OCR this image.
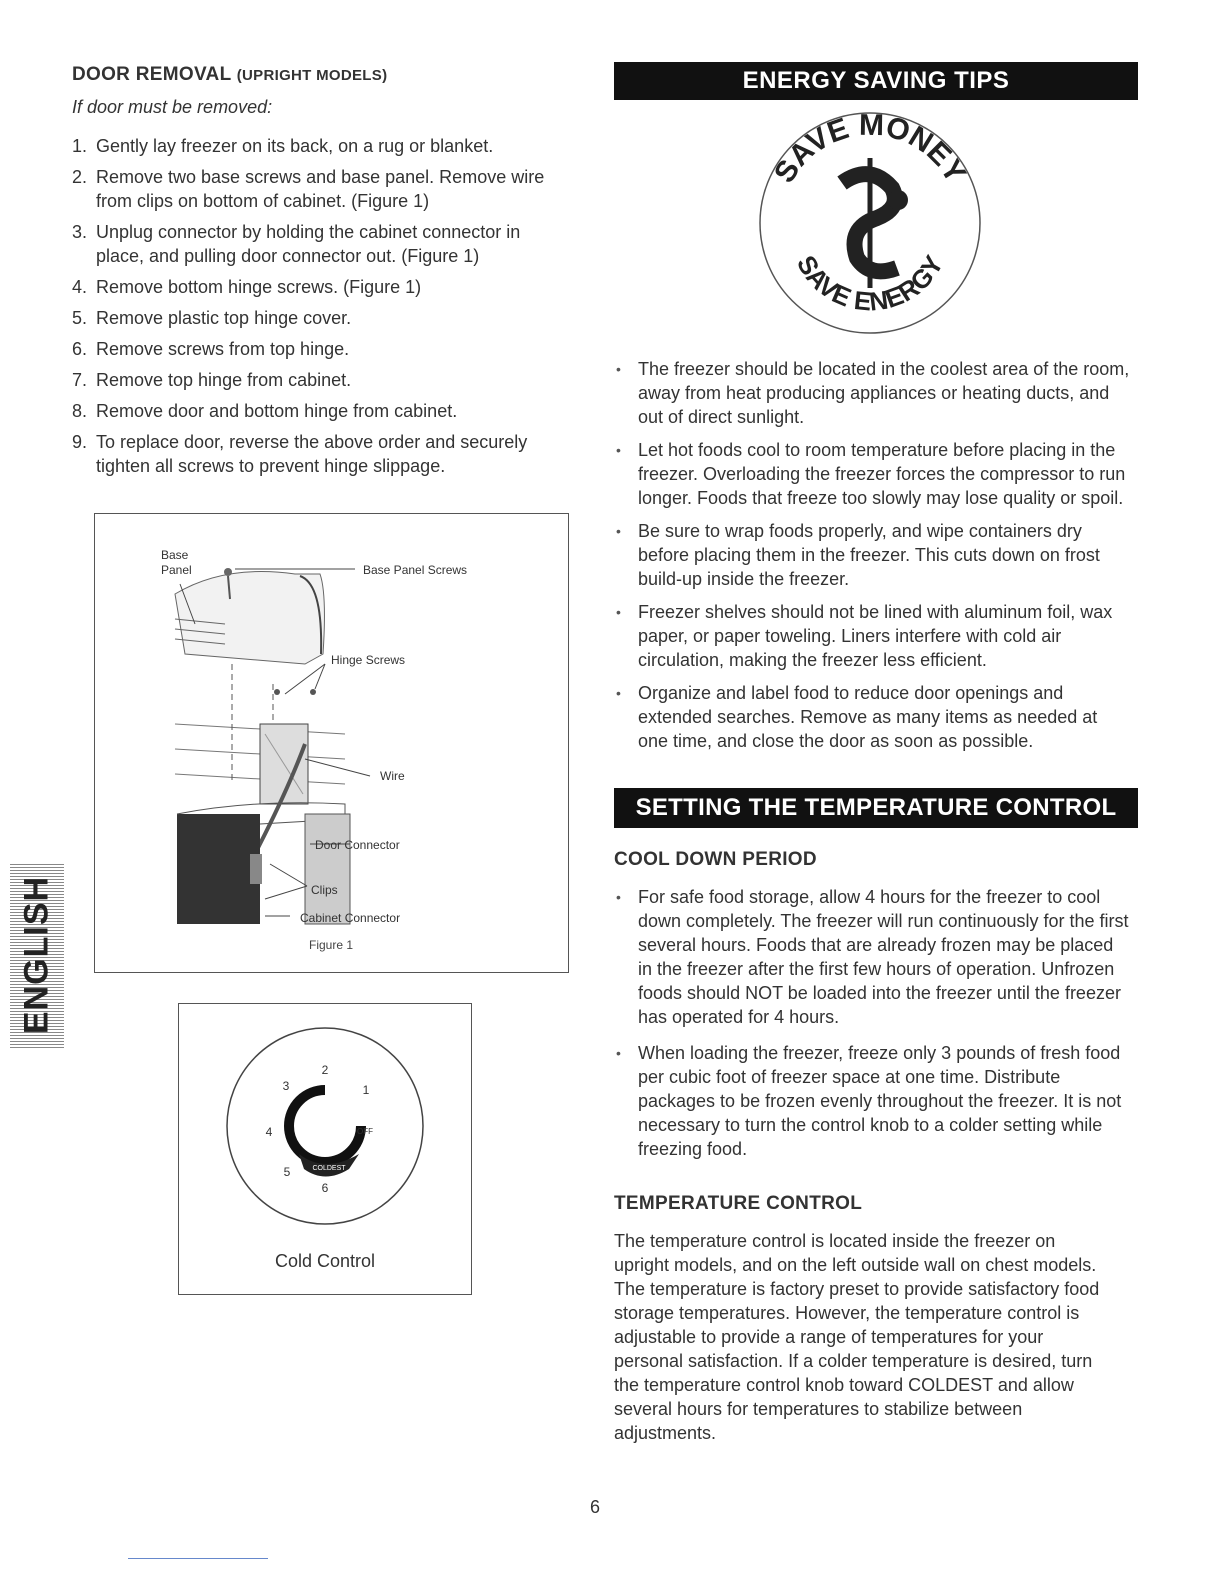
DOOR REMOVAL (UPRIGHT MODELS)
If door must be removed:
1. Gently lay freezer on its back, on a rug or blanket.
2. Remove two base screws and base panel. Remove wire from clips on bottom of cabinet. (Figure 1)
3. Unplug connector by holding the cabinet connector in place, and pulling door connector out. (Figure 1)
4. Remove bottom hinge screws. (Figure 1)
5. Remove plastic top hinge cover.
6. Remove screws from top hinge.
7. Remove top hinge from cabinet.
8. Remove door and bottom hinge from cabinet.
9. To replace door, reverse the above order and securely tighten all screws to prevent hinge slippage.
Base
Panel	Base Panel Screws
Hinge Screws
Wire
Door Connector
Clips
Cabinet Connector
Figure 1
2
3	1
4
5
6
OFF
COLDEST
Cold Control
ENGLISH
ENERGY SAVING TIPS
SAVE MONEY
SAVE ENERGY
• The freezer should be located in the coolest area of the room, away from heat producing appliances or heating ducts, and out of direct sunlight.
• Let hot foods cool to room temperature before placing in the freezer. Overloading the freezer forces the compressor to run longer. Foods that freeze too slowly may lose quality or spoil.
• Be sure to wrap foods properly, and wipe containers dry before placing them in the freezer. This cuts down on frost build-up inside the freezer.
• Freezer shelves should not be lined with aluminum foil, wax paper, or paper toweling. Liners interfere with cold air circulation, making the freezer less efficient.
• Organize and label food to reduce door openings and extended searches. Remove as many items as needed at one time, and close the door as soon as possible.
SETTING THE TEMPERATURE CONTROL
COOL DOWN PERIOD
• For safe food storage, allow 4 hours for the freezer to cool down completely. The freezer will run continuously for the first several hours. Foods that are already frozen may be placed in the freezer after the first few hours of operation. Unfrozen foods should NOT be loaded into the freezer until the freezer has operated for 4 hours.
• When loading the freezer, freeze only 3 pounds of fresh food per cubic foot of freezer space at one time. Distribute packages to be frozen evenly throughout the freezer. It is not necessary to turn the control knob to a colder setting while freezing food.
TEMPERATURE CONTROL

The temperature control is located inside the freezer on upright models, and on the left outside wall on chest models. The temperature is factory preset to provide satisfactory food storage temperatures. However, the temperature control is adjustable to provide a range of temperatures for your personal satisfaction. If a colder temperature is desired, turn the temperature control knob toward COLDEST and allow several hours for temperatures to stabilize between adjustments.

6
